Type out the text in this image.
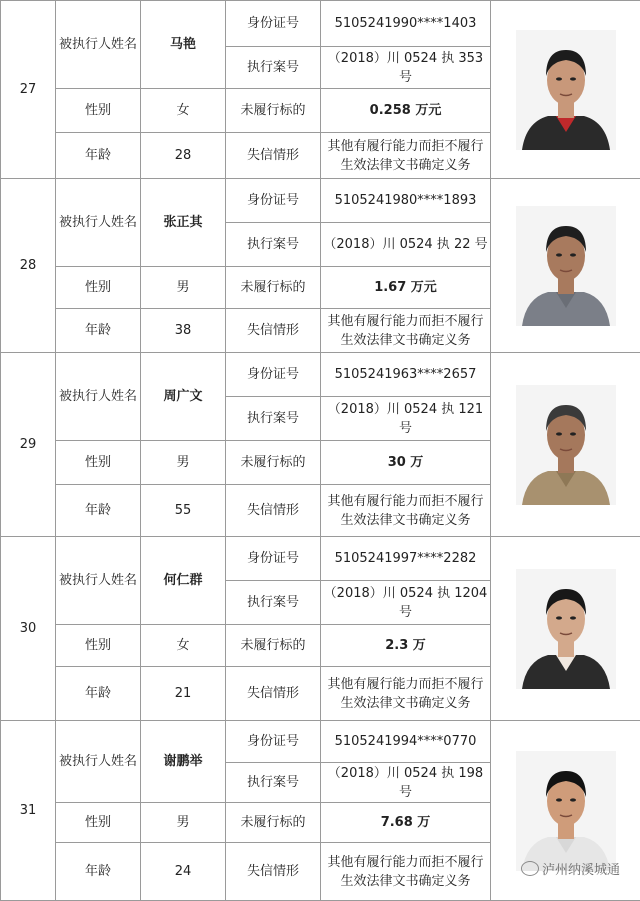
27	被执行人姓名	马艳	身份证号	5105241990****1403	

			执行案号	（2018）川 0524 执 353 号	
	性别	女	未履行标的	0.258 万元	
	年龄	28	失信情形	其他有履行能力而拒不履行生效法律文书确定义务	
28	被执行人姓名	张正其	身份证号	5105241980****1893	

			执行案号	（2018）川 0524 执 22 号	
	性别	男	未履行标的	1.67 万元	
	年龄	38	失信情形	其他有履行能力而拒不履行生效法律文书确定义务	
29	被执行人姓名	周广文	身份证号	5105241963****2657	

			执行案号	（2018）川 0524 执 121 号	
	性别	男	未履行标的	30 万	
	年龄	55	失信情形	其他有履行能力而拒不履行生效法律文书确定义务	
30	被执行人姓名	何仁群	身份证号	5105241997****2282	

			执行案号	（2018）川 0524 执 1204 号	
	性别	女	未履行标的	2.3 万	
	年龄	21	失信情形	其他有履行能力而拒不履行生效法律文书确定义务	
31	被执行人姓名	谢鹏举	身份证号	5105241994****0770	

			执行案号	（2018）川 0524 执 198 号	
	性别	男	未履行标的	7.68 万	
	年龄	24	失信情形	其他有履行能力而拒不履行生效法律文书确定义务	
泸州纳溪城通
